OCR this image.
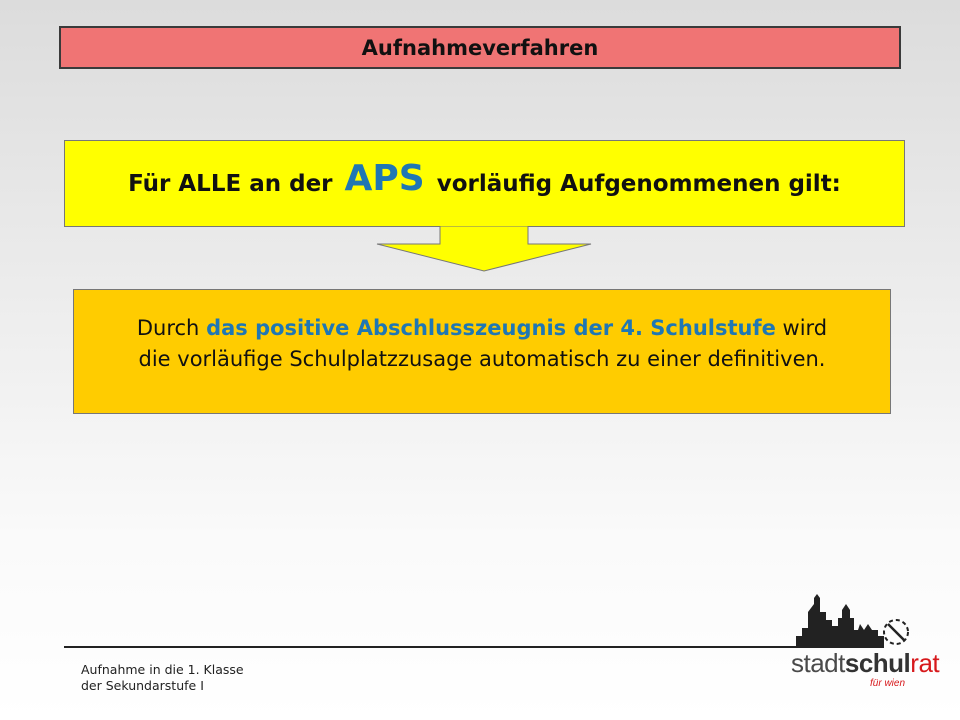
Aufnahmeverfahren
Für ALLE an der APS vorläufig Aufgenommenen gilt:
Durch das positive Abschlusszeugnis der 4. Schulstufe wird
die vorläufige Schulplatzzusage automatisch zu einer definitiven.
Aufnahme in die 1. Klasse
der Sekundarstufe I
stadtschulrat
für wien
